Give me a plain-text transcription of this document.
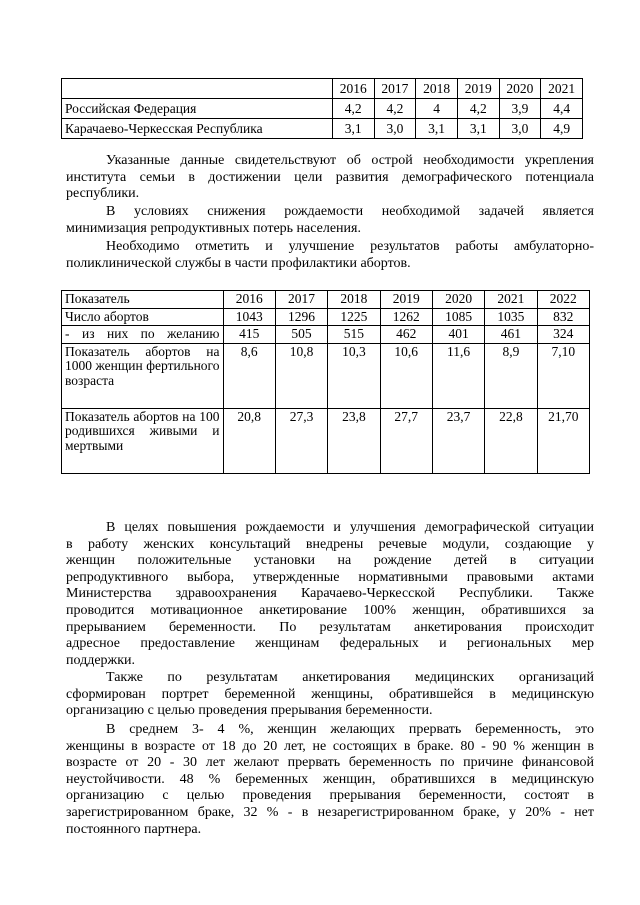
	2016	2017	2018	2019	2020	2021
Российская Федерация	4,2	4,2	4	4,2	3,9	4,4
Карачаево-Черкесская Республика	3,1	3,0	3,1	3,1	3,0	4,9
Указанные данные свидетельствуют об острой необходимости укрепления
института семьи в достижении цели развития демографического потенциала
республики.
В условиях снижения рождаемости необходимой задачей является
минимизация репродуктивных потерь населения.
Необходимо отметить и улучшение результатов работы амбулаторно-
поликлинической службы в части профилактики абортов.
Показатель	2016	2017	2018	2019	2020	2021	2022
Число абортов	1043	1296	1225	1262	1085	1035	832
- из них по желанию	415	505	515	462	401	461	324
Показатель абортов на 1000 женщин фертильного возраста	8,6	10,8	10,3	10,6	11,6	8,9	7,10
Показатель абортов на 100 родившихся живыми и мертвыми	20,8	27,3	23,8	27,7	23,7	22,8	21,70
В целях повышения рождаемости и улучшения демографической ситуации
в работу женских консультаций внедрены речевые модули, создающие у
женщин положительные установки на рождение детей в ситуации
репродуктивного выбора, утвержденные нормативными правовыми актами
Министерства здравоохранения Карачаево-Черкесской Республики. Также
проводится мотивационное анкетирование 100% женщин, обратившихся за
прерыванием беременности. По результатам анкетирования происходит
адресное предоставление женщинам федеральных и региональных мер
поддержки.
Также по результатам анкетирования медицинских организаций
сформирован портрет беременной женщины, обратившейся в медицинскую
организацию с целью проведения прерывания беременности.
В среднем 3- 4 %, женщин желающих прервать беременность, это
женщины в возрасте от 18 до 20 лет, не состоящих в браке. 80 - 90 % женщин в
возрасте от 20 - 30 лет желают прервать беременность по причине финансовой
неустойчивости. 48 % беременных женщин, обратившихся в медицинскую
организацию с целью проведения прерывания беременности, состоят в
зарегистрированном браке, 32 % - в незарегистрированном браке, у 20% - нет
постоянного партнера.
